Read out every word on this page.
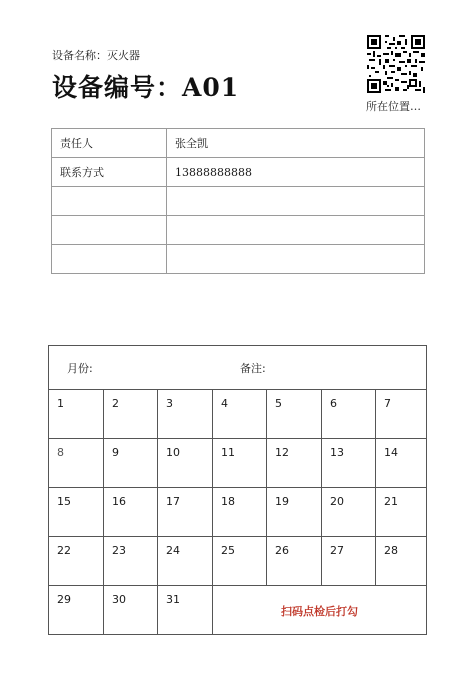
设备名称：灭火器
设备编号：A01
所在位置…
责任人	张全凯
联系方式	13888888888

月份:	备注:
1	2	3	4	5	6	7
8	9	10	11	12	13	14
15	16	17	18	19	20	21
22	23	24	25	26	27	28
29	30	31
扫码点检后打勾
